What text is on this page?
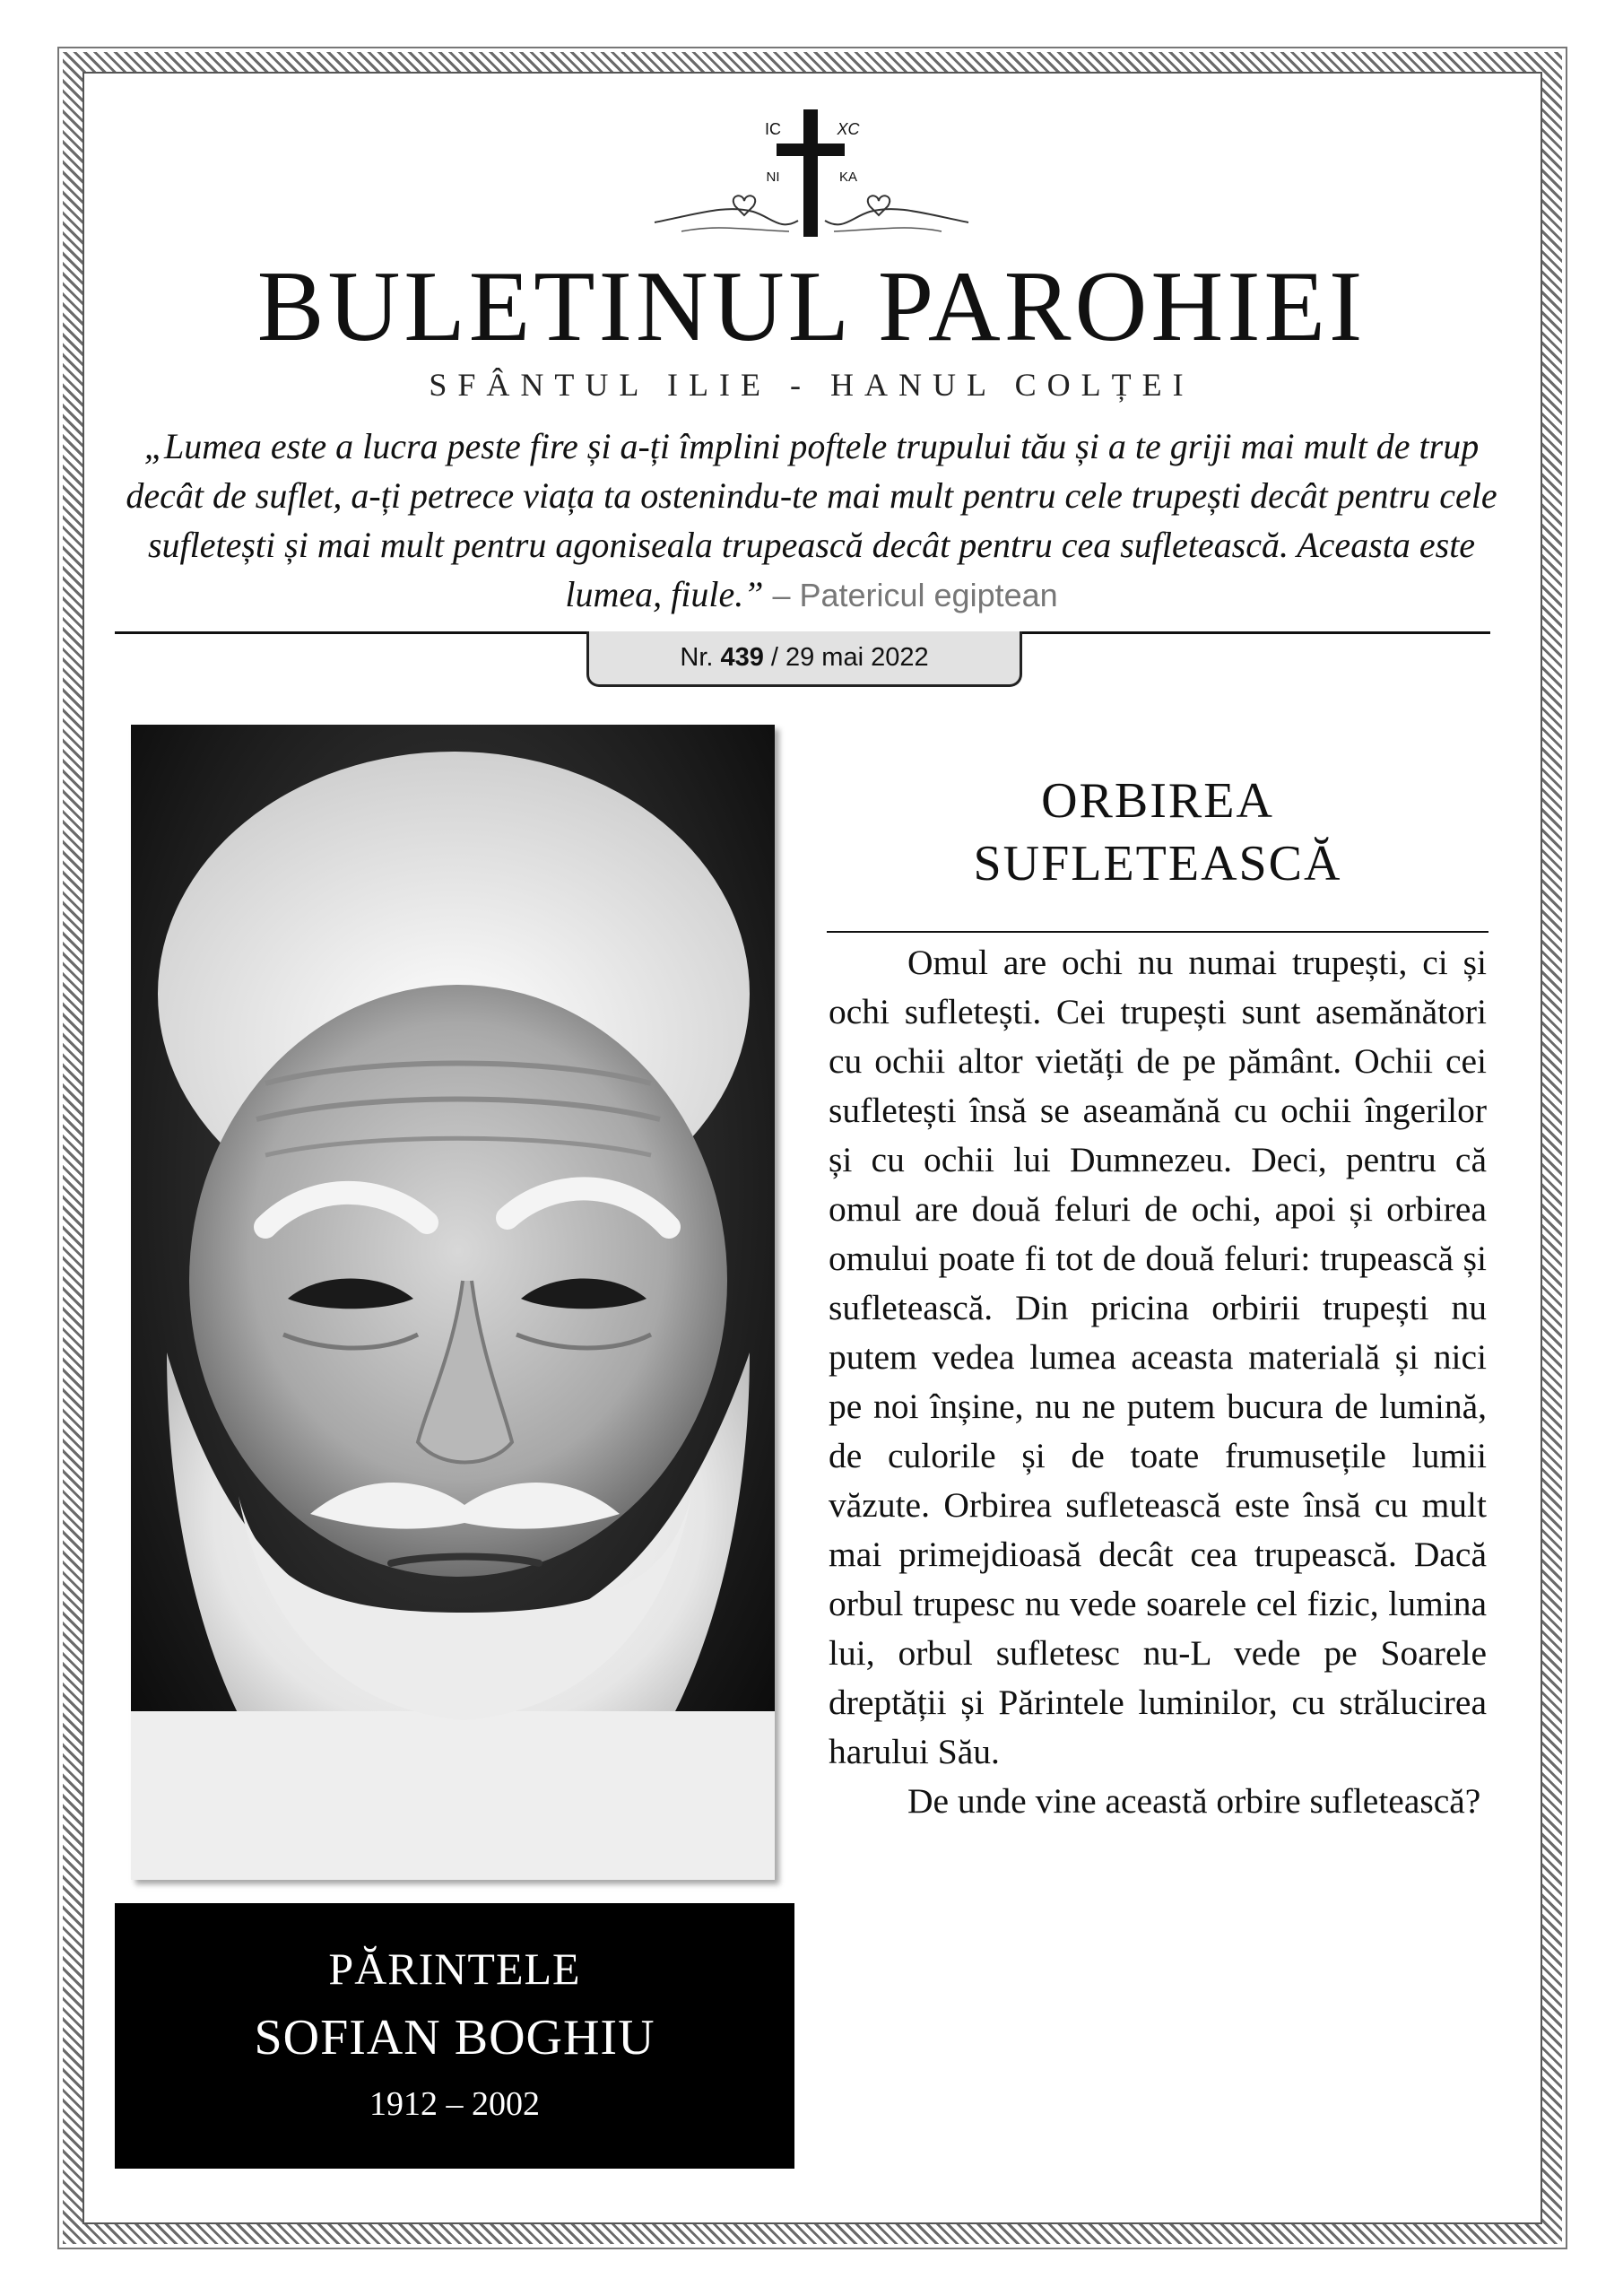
IC	XC
NI	KA
BULETINUL PAROHIEI
SFÂNTUL ILIE - HANUL COLȚEI
„Lumea este a lucra peste fire și a-ți împlini poftele trupului tău și a te griji mai mult de trup decât de suflet, a-ți petrece viața ta ostenindu-te mai mult pentru cele trupești decât pentru cele sufletești și mai mult pentru agoniseala trupească decât pentru cea sufletească. Aceasta este lumea, fiule.” – Patericul egiptean
Nr. 439 / 29 mai 2022
PĂRINTELE
SOFIAN BOGHIU
1912 – 2002
ORBIREA
SUFLETEASCĂ

Omul are ochi nu numai trupești, ci și ochi sufletești. Cei trupești sunt asemănători cu ochii altor vietăți de pe pământ. Ochii cei sufletești însă se aseamănă cu ochii îngerilor și cu ochii lui Dumnezeu. Deci, pentru că omul are două feluri de ochi, apoi și orbirea omului poate fi tot de două feluri: trupească și sufletească. Din pricina orbirii trupești nu putem vedea lumea aceasta materială și nici pe noi înșine, nu ne putem bucura de lumină, de culorile și de toate frumusețile lumii văzute. Orbirea sufletească este însă cu mult mai primejdioasă decât cea trupească. Dacă orbul trupesc nu vede soarele cel fizic, lumina lui, orbul sufletesc nu-L vede pe Soarele dreptății și Părintele luminilor, cu strălucirea harului Său.

De unde vine această orbire sufletească?
